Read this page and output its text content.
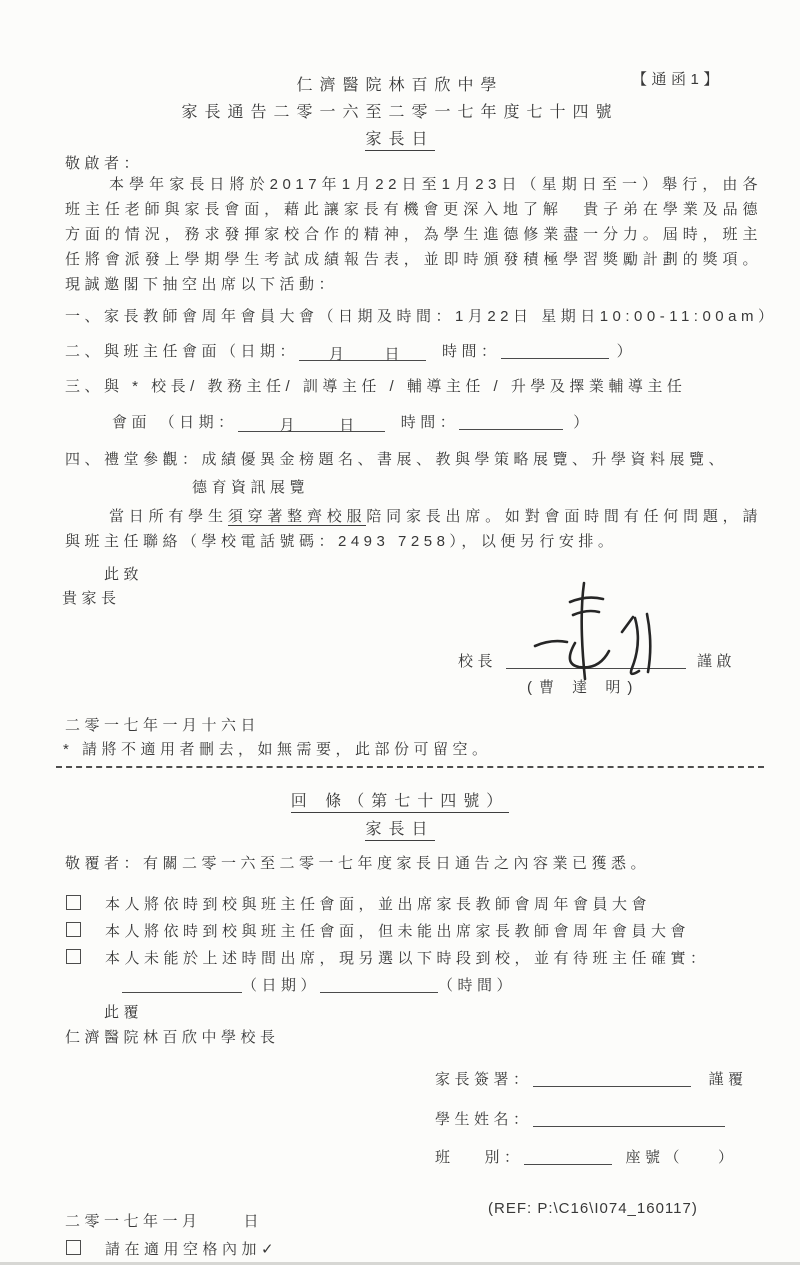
【通函1】
仁濟醫院林百欣中學
家長通告二零一六至二零一七年度七十四號
家長日
敬啟者：

本學年家長日將於2017年1月22日至1月23日（星期日至一）舉行，由各班主任老師與家長會面，藉此讓家長有機會更深入地了解 貴子弟在學業及品德方面的情況，務求發揮家校合作的精神，為學生進德修業盡一分力。屆時，班主任將會派發上學期學生考試成績報告表，並即時頒發積極學習獎勵計劃的獎項。現誠邀閣下抽空出席以下活動：

一、家長教師會周年會員大會（日期及時間：1月22日 星期日10:00-11:00am）
二、與班主任會面（日期： 月 日	時間：	）
三、與 * 校長/ 教務主任/ 訓導主任 / 輔導主任 / 升學及擇業輔導主任
會面 （日期：	月	日	時間：	）
四、禮堂參觀：成績優異金榜題名、書展、教與學策略展覽、升學資料展覽、
德育資訊展覽

當日所有學生須穿著整齊校服陪同家長出席。如對會面時間有任何問題，請與班主任聯絡（學校電話號碼：2493 7258），以便另行安排。

此致
貴家長
校長	謹啟
(曹 達 明)
二零一七年一月十六日
* 請將不適用者刪去，如無需要，此部份可留空。
回 條（第七十四號）
家長日
敬覆者：有關二零一六至二零一七年度家長日通告之內容業已獲悉。
本人將依時到校與班主任會面，並出席家長教師會周年會員大會
本人將依時到校與班主任會面，但未能出席家長教師會周年會員大會
本人未能於上述時間出席，現另選以下時段到校，並有待班主任確實：
（日期）	（時間）
此覆
仁濟醫院林百欣中學校長
家長簽署：	謹覆
學生姓名：
班 別：	座號（ ）
(REF: P:\C16\I074_160117)
二零一七年一月	日
請在適用空格內加✓
